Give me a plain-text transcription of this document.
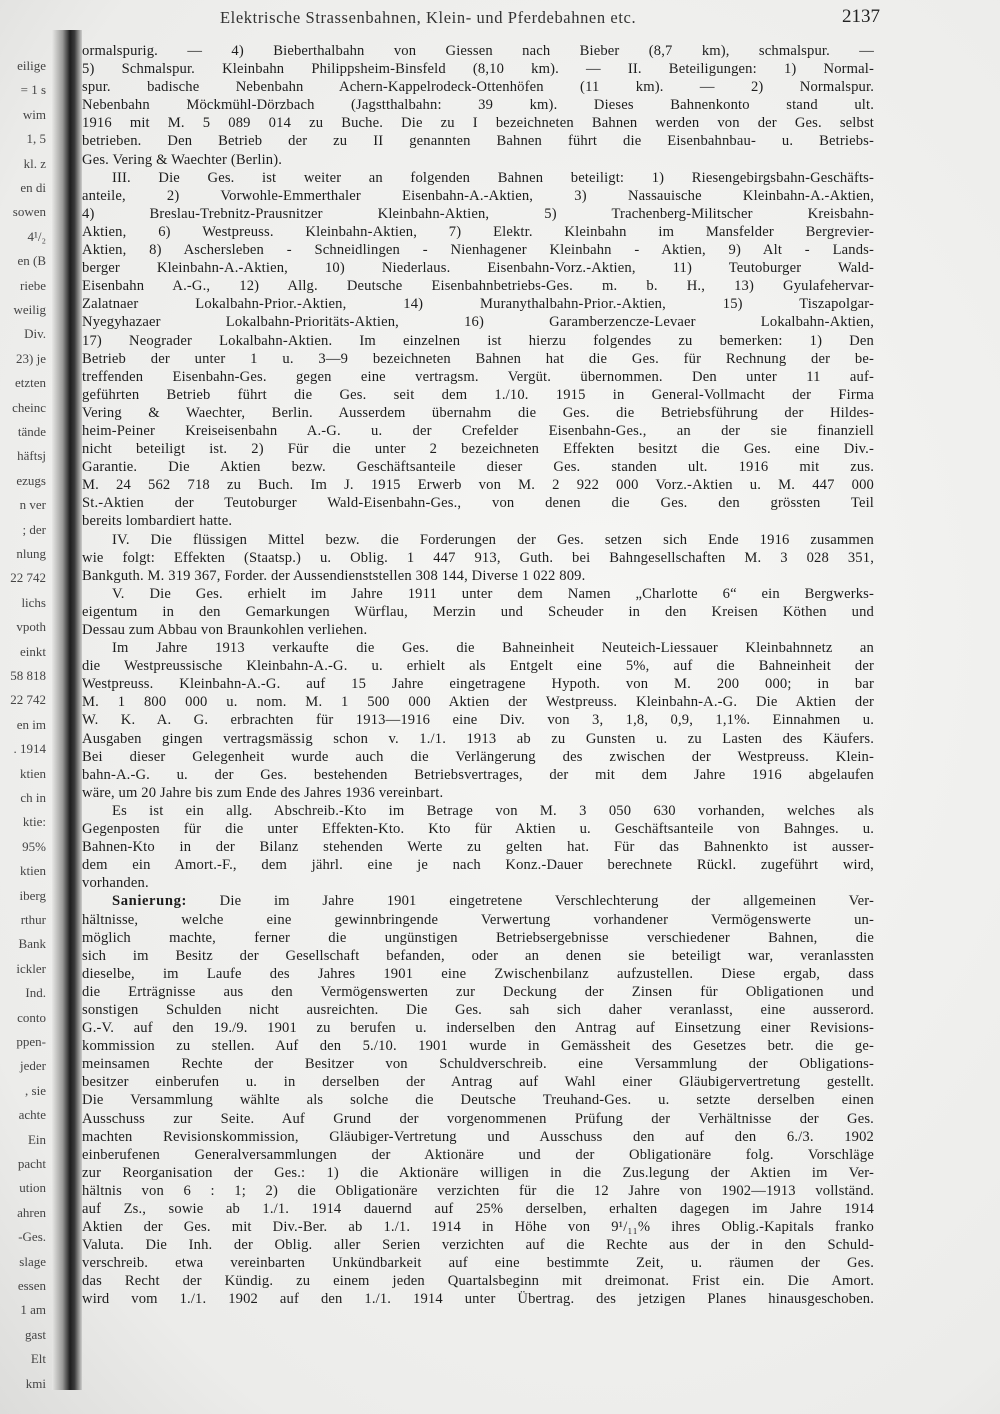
eilige
= 1 s
wim
1, 5
kl. z
en di
sowen
4¹/₂
en (B
riebe
weilig
Div.
23) je
etzten
cheinc
tände
häftsj
ezugs
n ver
; der
nlung
22 742
lichs
vpoth
einkt
58 818
22 742
en im
. 1914
ktien
ch in
ktie:
95%
ktien
iberg
rthur
Bank
ickler
Ind.
conto
ppen-
jeder
, sie
achte
Ein
pacht
ution
ahren
-Ges.
slage
essen
1 am
gast
Elt
kmi
Elektrische Strassenbahnen, Klein- und Pferdebahnen etc.	2137

ormalspurig. — 4) Bieberthalbahn von Giessen nach Bieber (8,7 km), schmalspur. —

5) Schmalspur. Kleinbahn Philippsheim-Binsfeld (8,10 km). — II. Beteiligungen: 1) Normal-

spur. badische Nebenbahn Achern-Kappelrodeck-Ottenhöfen (11 km). — 2) Normalspur.

Nebenbahn Möckmühl-Dörzbach (Jagstthalbahn: 39 km). Dieses Bahnenkonto stand ult.

1916 mit M. 5 089 014 zu Buche. Die zu I bezeichneten Bahnen werden von der Ges. selbst

betrieben. Den Betrieb der zu II genannten Bahnen führt die Eisenbahnbau- u. Betriebs-

Ges. Vering & Waechter (Berlin).

III. Die Ges. ist weiter an folgenden Bahnen beteiligt: 1) Riesengebirgsbahn-Geschäfts-

anteile, 2) Vorwohle-Emmerthaler Eisenbahn-A.-Aktien, 3) Nassauische Kleinbahn-A.-Aktien,

4) Breslau-Trebnitz-Prausnitzer Kleinbahn-Aktien, 5) Trachenberg-Militscher Kreisbahn-

Aktien, 6) Westpreuss. Kleinbahn-Aktien, 7) Elektr. Kleinbahn im Mansfelder Bergrevier-

Aktien, 8) Aschersleben - Schneidlingen - Nienhagener Kleinbahn - Aktien, 9) Alt - Lands-

berger Kleinbahn-A.-Aktien, 10) Niederlaus. Eisenbahn-Vorz.-Aktien, 11) Teutoburger Wald-

Eisenbahn A.-G., 12) Allg. Deutsche Eisenbahnbetriebs-Ges. m. b. H., 13) Gyulafehervar-

Zalatnaer Lokalbahn-Prior.-Aktien, 14) Muranythalbahn-Prior.-Aktien, 15) Tiszapolgar-

Nyegyhazaer Lokalbahn-Prioritäts-Aktien, 16) Garamberzencze-Levaer Lokalbahn-Aktien,

17) Neograder Lokalbahn-Aktien. Im einzelnen ist hierzu folgendes zu bemerken: 1) Den

Betrieb der unter 1 u. 3—9 bezeichneten Bahnen hat die Ges. für Rechnung der be-

treffenden Eisenbahn-Ges. gegen eine vertragsm. Vergüt. übernommen. Den unter 11 auf-

geführten Betrieb führt die Ges. seit dem 1./10. 1915 in General-Vollmacht der Firma

Vering & Waechter, Berlin. Ausserdem übernahm die Ges. die Betriebsführung der Hildes-

heim-Peiner Kreiseisenbahn A.-G. u. der Crefelder Eisenbahn-Ges., an der sie finanziell

nicht beteiligt ist. 2) Für die unter 2 bezeichneten Effekten besitzt die Ges. eine Div.-

Garantie. Die Aktien bezw. Geschäftsanteile dieser Ges. standen ult. 1916 mit zus.

M. 24 562 718 zu Buch. Im J. 1915 Erwerb von M. 2 922 000 Vorz.-Aktien u. M. 447 000

St.-Aktien der Teutoburger Wald-Eisenbahn-Ges., von denen die Ges. den grössten Teil

bereits lombardiert hatte.

IV. Die flüssigen Mittel bezw. die Forderungen der Ges. setzen sich Ende 1916 zusammen

wie folgt: Effekten (Staatsp.) u. Oblig. 1 447 913, Guth. bei Bahngesellschaften M. 3 028 351,

Bankguth. M. 319 367, Forder. der Aussendienststellen 308 144, Diverse 1 022 809.

V. Die Ges. erhielt im Jahre 1911 unter dem Namen „Charlotte 6“ ein Bergwerks-

eigentum in den Gemarkungen Würflau, Merzin und Scheuder in den Kreisen Köthen und

Dessau zum Abbau von Braunkohlen verliehen.

Im Jahre 1913 verkaufte die Ges. die Bahneinheit Neuteich-Liessauer Kleinbahnnetz an

die Westpreussische Kleinbahn-A.-G. u. erhielt als Entgelt eine 5%, auf die Bahneinheit der

Westpreuss. Kleinbahn-A.-G. auf 15 Jahre eingetragene Hypoth. von M. 200 000; in bar

M. 1 800 000 u. nom. M. 1 500 000 Aktien der Westpreuss. Kleinbahn-A.-G. Die Aktien der

W. K. A. G. erbrachten für 1913—1916 eine Div. von 3, 1,8, 0,9, 1,1%. Einnahmen u.

Ausgaben gingen vertragsmässig schon v. 1./1. 1913 ab zu Gunsten u. zu Lasten des Käufers.

Bei dieser Gelegenheit wurde auch die Verlängerung des zwischen der Westpreuss. Klein-

bahn-A.-G. u. der Ges. bestehenden Betriebsvertrages, der mit dem Jahre 1916 abgelaufen

wäre, um 20 Jahre bis zum Ende des Jahres 1936 vereinbart.

Es ist ein allg. Abschreib.-Kto im Betrage von M. 3 050 630 vorhanden, welches als

Gegenposten für die unter Effekten-Kto. Kto für Aktien u. Geschäftsanteile von Bahnges. u.

Bahnen-Kto in der Bilanz stehenden Werte zu gelten hat. Für das Bahnenkto ist ausser-

dem ein Amort.-F., dem jährl. eine je nach Konz.-Dauer berechnete Rückl. zugeführt wird,

vorhanden.

Sanierung: Die im Jahre 1901 eingetretene Verschlechterung der allgemeinen Ver-

hältnisse, welche eine gewinnbringende Verwertung vorhandener Vermögenswerte un-

möglich machte, ferner die ungünstigen Betriebsergebnisse verschiedener Bahnen, die

sich im Besitz der Gesellschaft befanden, oder an denen sie beteiligt war, veranlassten

dieselbe, im Laufe des Jahres 1901 eine Zwischenbilanz aufzustellen. Diese ergab, dass

die Erträgnisse aus den Vermögenswerten zur Deckung der Zinsen für Obligationen und

sonstigen Schulden nicht ausreichten. Die Ges. sah sich daher veranlasst, eine ausserord.

G.-V. auf den 19./9. 1901 zu berufen u. inderselben den Antrag auf Einsetzung einer Revisions-

kommission zu stellen. Auf den 5./10. 1901 wurde in Gemässheit des Gesetzes betr. die ge-

meinsamen Rechte der Besitzer von Schuldverschreib. eine Versammlung der Obligations-

besitzer einberufen u. in derselben der Antrag auf Wahl einer Gläubigervertretung gestellt.

Die Versammlung wählte als solche die Deutsche Treuhand-Ges. u. setzte derselben einen

Ausschuss zur Seite. Auf Grund der vorgenommenen Prüfung der Verhältnisse der Ges.

machten Revisionskommission, Gläubiger-Vertretung und Ausschuss den auf den 6./3. 1902

einberufenen Generalversammlungen der Aktionäre und der Obligationäre folg. Vorschläge

zur Reorganisation der Ges.: 1) die Aktionäre willigen in die Zus.legung der Aktien im Ver-

hältnis von 6 : 1; 2) die Obligationäre verzichten für die 12 Jahre von 1902—1913 vollständ.

auf Zs., sowie ab 1./1. 1914 dauernd auf 25% derselben, erhalten dagegen im Jahre 1914

Aktien der Ges. mit Div.-Ber. ab 1./1. 1914 in Höhe von 9¹/₁₁% ihres Oblig.-Kapitals franko

Valuta. Die Inh. der Oblig. aller Serien verzichten auf die Rechte aus der in den Schuld-

verschreib. etwa vereinbarten Unkündbarkeit auf eine bestimmte Zeit, u. räumen der Ges.

das Recht der Kündig. zu einem jeden Quartalsbeginn mit dreimonat. Frist ein. Die Amort.

wird vom 1./1. 1902 auf den 1./1. 1914 unter Übertrag. des jetzigen Planes hinausgeschoben.
